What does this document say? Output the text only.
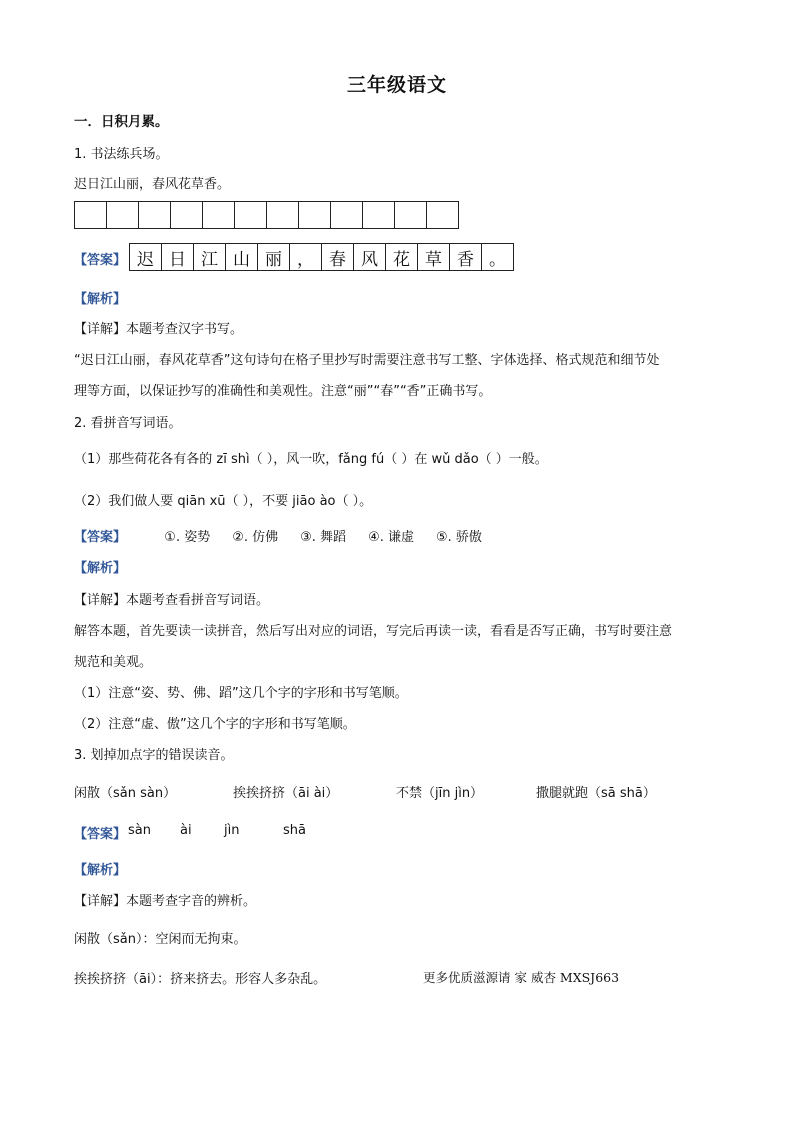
三年级语文
一．日积月累。
1. 书法练兵场。
迟日江山丽，春风花草香。
【答案】 迟 日 江 山 丽 ， 春 风 花 草 香 。
【解析】
【详解】本题考查汉字书写。
“迟日江山丽，春风花草香”这句诗句在格子里抄写时需要注意书写工整、字体选择、格式规范和细节处
理等方面，以保证抄写的准确性和美观性。注意“丽”“春”“香”正确书写。
2. 看拼音写词语。
（1）那些荷花各有各的 zī shì（ ），风一吹，fǎng fú（ ）在 wǔ dǎo（ ）一般。
（2）我们做人要 qiān xū（ ），不要 jiāo ào（ ）。
【答案】	①. 姿势 ②. 仿佛 ③. 舞蹈 ④. 谦虚 ⑤. 骄傲
【解析】
【详解】本题考查看拼音写词语。
解答本题，首先要读一读拼音，然后写出对应的词语，写完后再读一读，看看是否写正确，书写时要注意
规范和美观。
（1）注意“姿、势、佛、蹈”这几个字的字形和书写笔顺。
（2）注意“虚、傲”这几个字的字形和书写笔顺。
3. 划掉加点字的错误读音。
闲散（sǎn sàn）	挨挨挤挤（āi ài）	不禁（jīn jìn）	撒腿就跑（sā shā）
【答案】 sàn ài jìn	shā
【解析】
【详解】本题考查字音的辨析。
闲散（sǎn）：空闲而无拘束。
挨挨挤挤（āi）：挤来挤去。形容人多杂乱。	更多优质滋源请 家 威杏 MXSJ663
